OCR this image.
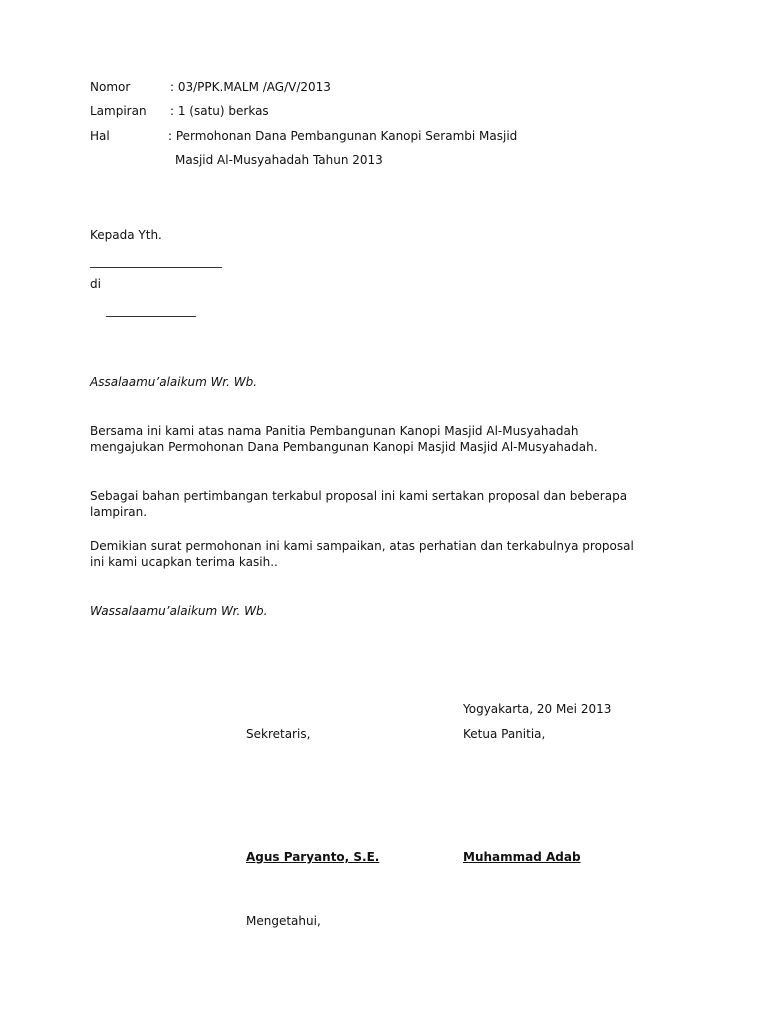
Nomor	: 03/PPK.MALM /AG/V/2013
Lampiran : 1 (satu) berkas
Hal	: Permohonan Dana Pembangunan Kanopi Serambi Masjid
Masjid Al-Musyahadah Tahun 2013
Kepada Yth.
______________________
di
_______________
Assalaamu’alaikum Wr. Wb.
Bersama ini kami atas nama Panitia Pembangunan Kanopi Masjid Al-Musyahadah mengajukan Permohonan Dana Pembangunan Kanopi Masjid Masjid Al-Musyahadah.
Sebagai bahan pertimbangan terkabul proposal ini kami sertakan proposal dan beberapa lampiran.
Demikian surat permohonan ini kami sampaikan, atas perhatian dan terkabulnya proposal ini kami ucapkan terima kasih..
Wassalaamu’alaikum Wr. Wb.
Yogyakarta, 20 Mei 2013
Sekretaris,	Ketua Panitia,
Agus Paryanto, S.E.	Muhammad Adab
Mengetahui,
